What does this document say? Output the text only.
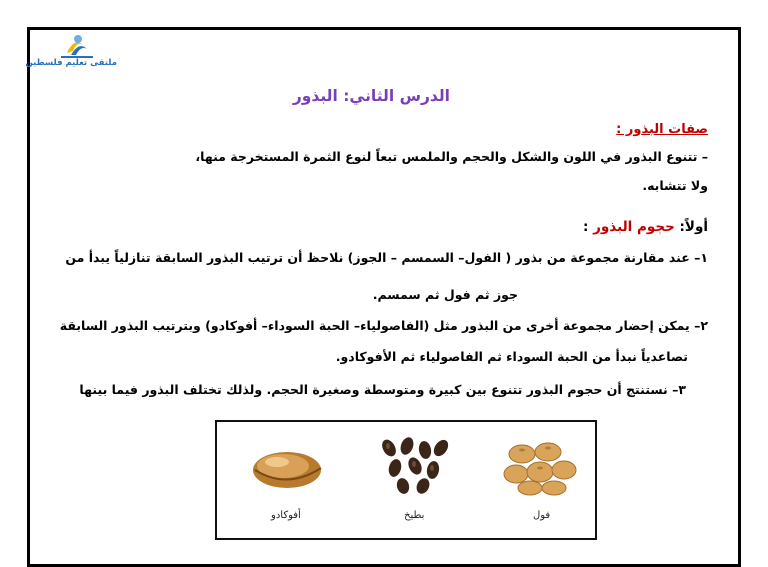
ملتقى تعليم فلسطين
الدرس الثاني: البذور
صفات البذور :
– تتنوع البذور في اللون والشكل والحجم والملمس تبعاً لنوع الثمرة المستخرجة منها،
ولا تتشابه.
أولاً: حجوم البذور :
١– عند مقارنة مجموعة من بذور ( الفول– السمسم – الجوز) نلاحظ أن ترتيب البذور السابقة تنازلياً يبدأ من
جوز ثم فول ثم سمسم.
٢– يمكن إحضار مجموعة أخرى من البذور مثل (الفاصولياء– الحبة السوداء– أفوكادو) وبترتيب البذور السابقة
تصاعدياً نبدأ من الحبة السوداء ثم الفاصولياء ثم الأفوكادو.
٣– نستنتج أن حجوم البذور تتنوع بين كبيرة ومتوسطة وصغيرة الحجم. ولذلك تختلف البذور فيما بينها
أفوكادو	بطيخ	فول
